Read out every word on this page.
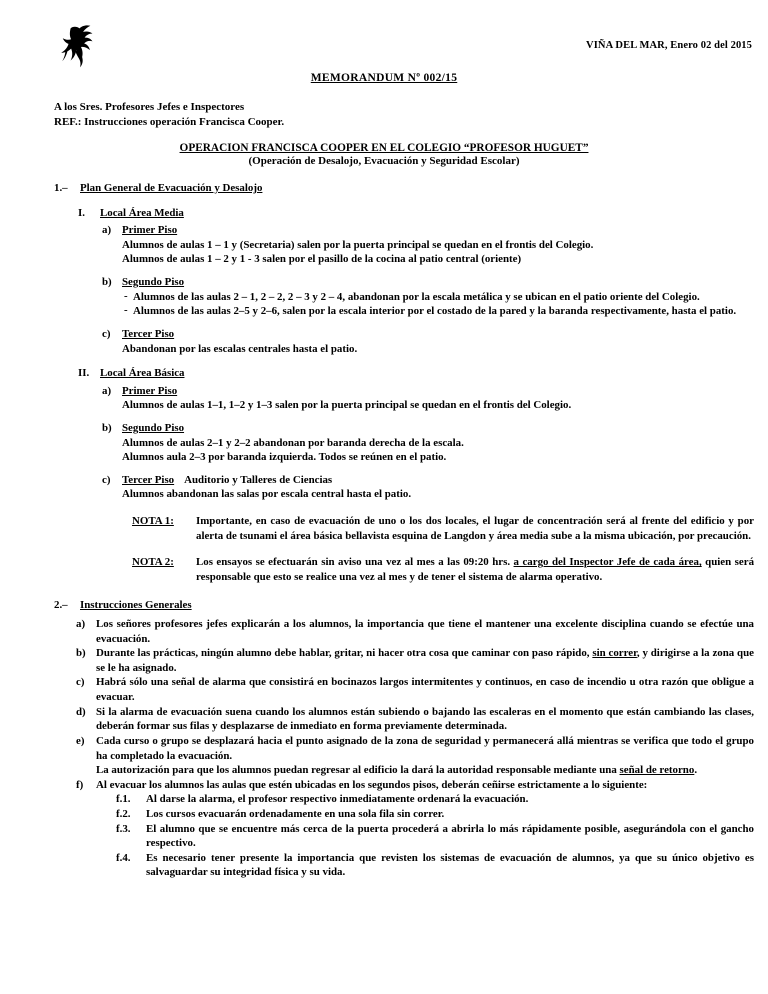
VIÑA DEL MAR, Enero 02 del 2015
MEMORANDUM Nº 002/15
A los Sres. Profesores Jefes e Inspectores
REF.: Instrucciones operación Francisca Cooper.
OPERACION FRANCISCA COOPER EN EL COLEGIO “PROFESOR HUGUET”
(Operación de Desalojo, Evacuación y Seguridad Escolar)
1.– Plan General de Evacuación y Desalojo
I. Local Área Media
a) Primer Piso

Alumnos de aulas 1 – 1 y (Secretaria) salen por la puerta principal se quedan en el frontis del Colegio.

Alumnos de aulas 1 – 2 y 1 - 3 salen por el pasillo de la cocina al patio central (oriente)

b) Segundo Piso
- Alumnos de las aulas 2 – 1, 2 – 2, 2 – 3 y 2 – 4, abandonan por la escala metálica y se ubican en el patio oriente del Colegio.
- Alumnos de las aulas 2–5 y 2–6, salen por la escala interior por el costado de la pared y la baranda respectivamente, hasta el patio.
c) Tercer Piso

Abandonan por las escalas centrales hasta el patio.

II. Local Área Básica
a) Primer Piso

Alumnos de aulas 1–1, 1–2 y 1–3 salen por la puerta principal se quedan en el frontis del Colegio.

b) Segundo Piso

Alumnos de aulas 2–1 y 2–2 abandonan por baranda derecha de la escala.

Alumnos aula 2–3 por baranda izquierda. Todos se reúnen en el patio.

c) Tercer Piso Auditorio y Talleres de Ciencias

Alumnos abandonan las salas por escala central hasta el patio.

NOTA 1: Importante, en caso de evacuación de uno o los dos locales, el lugar de concentración será al frente del edificio y por alerta de tsunami el área básica bellavista esquina de Langdon y área media sube a la misma ubicación, por precaución.
NOTA 2: Los ensayos se efectuarán sin aviso una vez al mes a las 09:20 hrs. a cargo del Inspector Jefe de cada área, quien será responsable que esto se realice una vez al mes y de tener el sistema de alarma operativo.
2.– Instrucciones Generales
a) Los señores profesores jefes explicarán a los alumnos, la importancia que tiene el mantener una excelente disciplina cuando se efectúe una evacuación.
b) Durante las prácticas, ningún alumno debe hablar, gritar, ni hacer otra cosa que caminar con paso rápido, sin correr, y dirigirse a la zona que se le ha asignado.
c) Habrá sólo una señal de alarma que consistirá en bocinazos largos intermitentes y continuos, en caso de incendio u otra razón que obligue a evacuar.
d) Si la alarma de evacuación suena cuando los alumnos están subiendo o bajando las escaleras en el momento que están cambiando las clases, deberán formar sus filas y desplazarse de inmediato en forma previamente determinada.
e) Cada curso o grupo se desplazará hacia el punto asignado de la zona de seguridad y permanecerá allá mientras se verifica que todo el grupo ha completado la evacuación.
La autorización para que los alumnos puedan regresar al edificio la dará la autoridad responsable mediante una señal de retorno.
f) Al evacuar los alumnos las aulas que estén ubicadas en los segundos pisos, deberán ceñirse estrictamente a lo siguiente:
f.1. Al darse la alarma, el profesor respectivo inmediatamente ordenará la evacuación.
f.2. Los cursos evacuarán ordenadamente en una sola fila sin correr.
f.3. El alumno que se encuentre más cerca de la puerta procederá a abrirla lo más rápidamente posible, asegurándola con el gancho respectivo.
f.4. Es necesario tener presente la importancia que revisten los sistemas de evacuación de alumnos, ya que su único objetivo es salvaguardar su integridad física y su vida.
